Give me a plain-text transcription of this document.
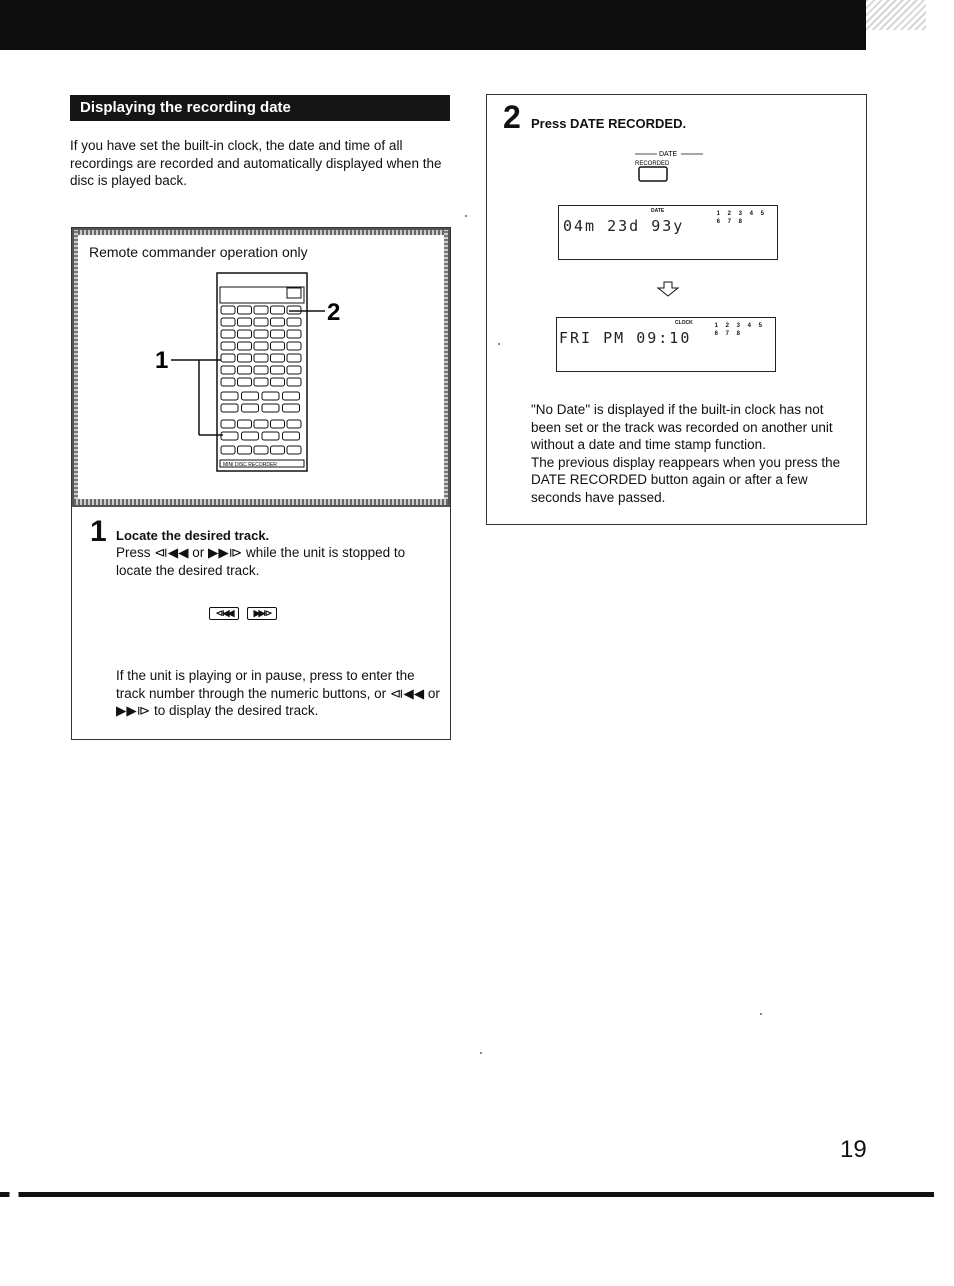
Displaying the recording date
If you have set the built-in clock, the date and time of all recordings are recorded and automatically displayed when the disc is played back.
Remote commander operation only
2
1
MINI DISC RECORDER
1 Locate the desired track.
Press ⧏◀◀ or ▶▶⧐ while the unit is stopped to locate the desired track.
⧏◀◀	▶▶⧐
If the unit is playing or in pause, press to enter the track number through the numeric buttons, or ⧏◀◀ or ▶▶⧐ to display the desired track.
2 Press DATE RECORDED.
DATE
RECORDED
DATE
04m 23d 93y
1 2 3 4 5
6 7 8
CLOCK
FRI PM 09:10
1 2 3 4 5
6 7 8
"No Date" is displayed if the built-in clock has not been set or the track was recorded on another unit without a date and time stamp function.
The previous display reappears when you press the DATE RECORDED button again or after a few seconds have passed.
19
